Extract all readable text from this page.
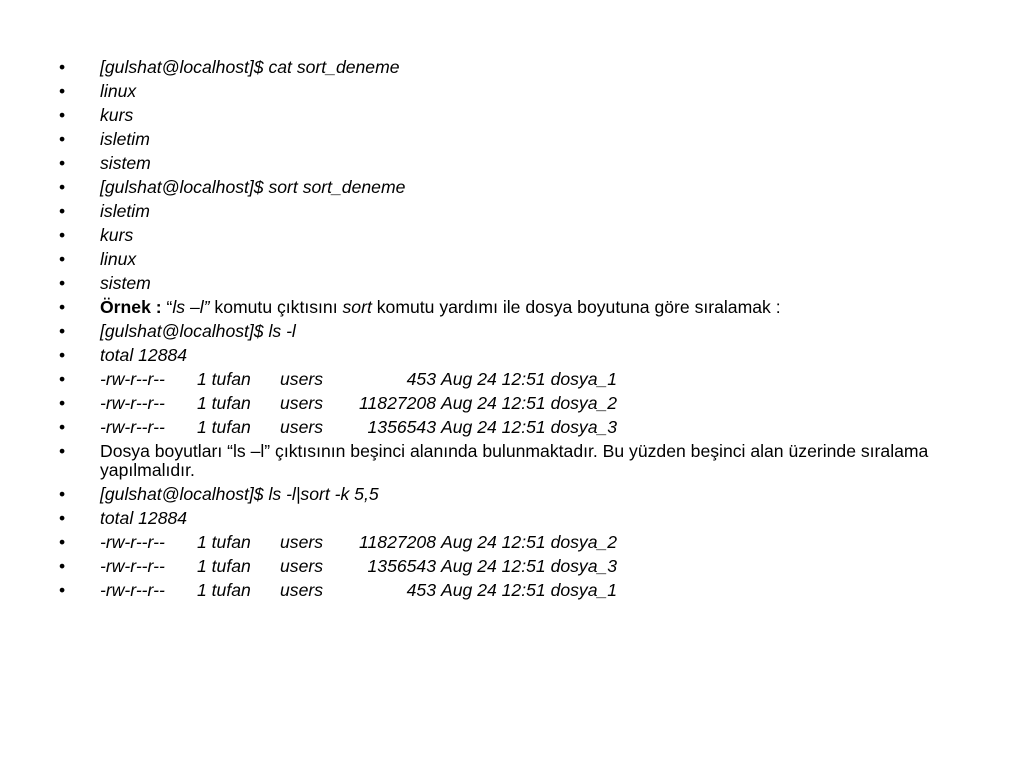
•	[gulshat@localhost]$ cat sort_deneme
•	linux
•	kurs
•	isletim
•	sistem
•	[gulshat@localhost]$ sort sort_deneme
•	isletim
•	kurs
•	linux
•	sistem
•	Örnek : “ls –l” komutu çıktısını sort komutu yardımı ile dosya boyutuna göre sıralamak :
•	[gulshat@localhost]$ ls -l
•	total 12884
•	-rw-r--r-- 1 tufan users	453 Aug 24 12:51 dosya_1
•	-rw-r--r-- 1 tufan users 11827208 Aug 24 12:51 dosya_2
•	-rw-r--r-- 1 tufan users	1356543 Aug 24 12:51 dosya_3
•	Dosya boyutları “ls –l” çıktısının beşinci alanında bulunmaktadır. Bu yüzden beşinci alan üzerinde sıralama yapılmalıdır.
•	[gulshat@localhost]$ ls -l|sort -k 5,5
•	total 12884
•	-rw-r--r-- 1 tufan users 11827208 Aug 24 12:51 dosya_2
•	-rw-r--r-- 1 tufan users	1356543 Aug 24 12:51 dosya_3
•	-rw-r--r-- 1 tufan users	453 Aug 24 12:51 dosya_1
